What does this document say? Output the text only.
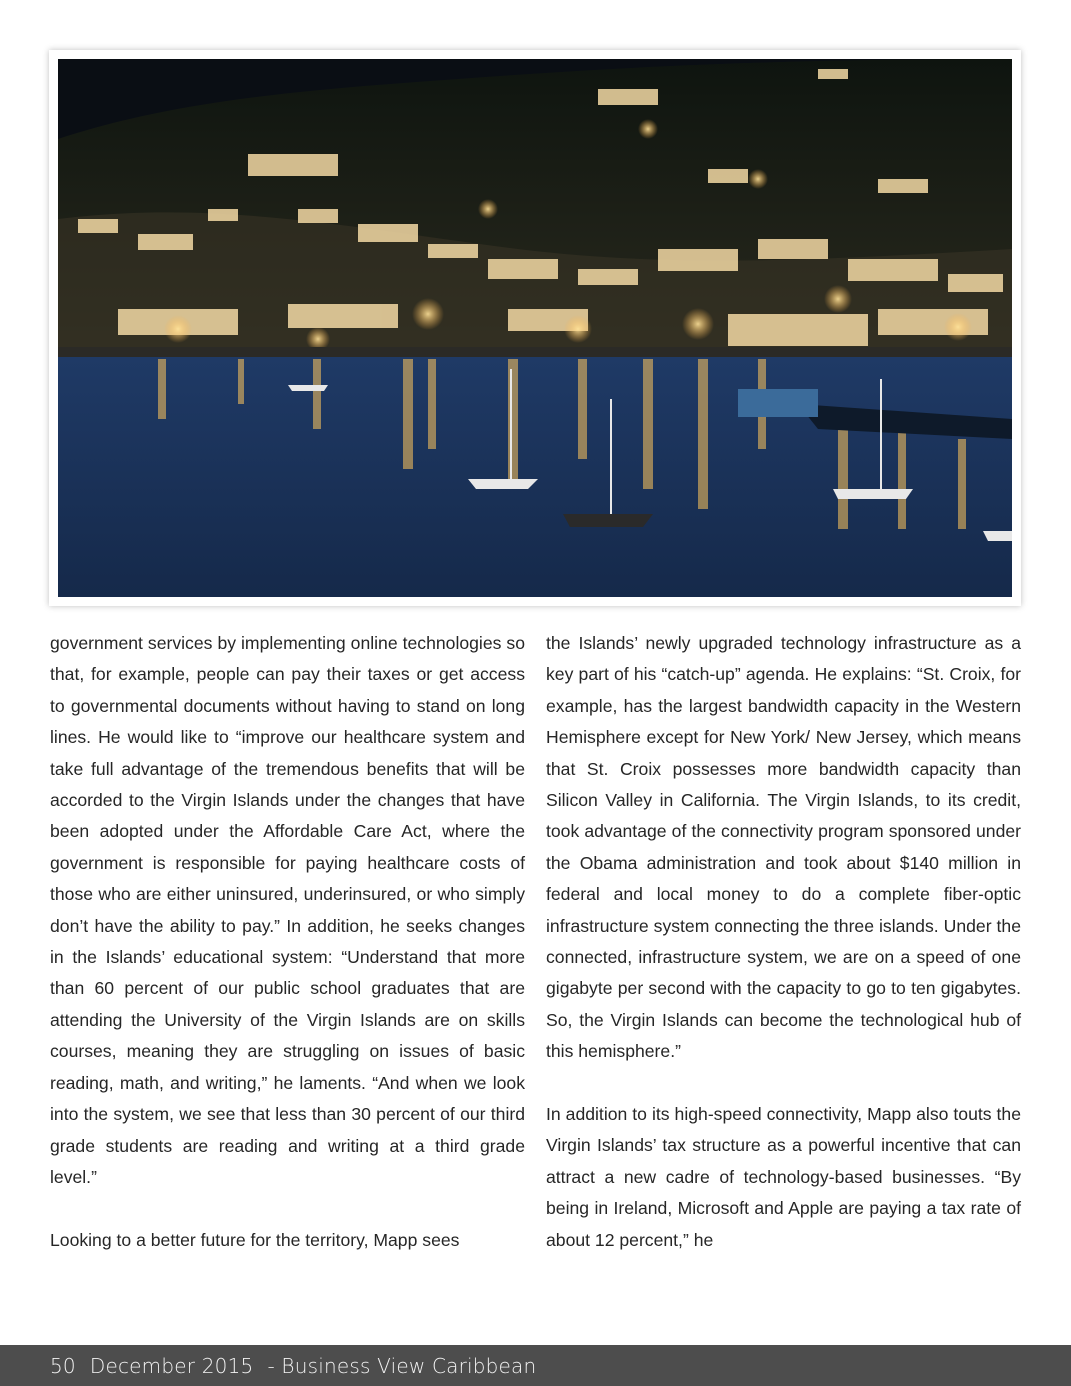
government services by implementing online technologies so that, for example, people can pay their taxes or get access to governmental documents without having to stand on long lines. He would like to “improve our healthcare system and take full advantage of the tremendous benefits that will be accorded to the Virgin Islands under the changes that have been adopted under the Affordable Care Act, where the government is responsible for paying healthcare costs of those who are either uninsured, underinsured, or who simply don’t have the ability to pay.” In addition, he seeks changes in the Islands’ educational system: “Understand that more than 60 percent of our public school graduates that are attending the University of the Virgin Islands are on skills courses, meaning they are struggling on issues of basic reading, math, and writing,” he laments. “And when we look into the system, we see that less than 30 percent of our third grade students are reading and writing at a third grade level.”

Looking to a better future for the territory, Mapp sees

the Islands’ newly upgraded technology infrastructure as a key part of his “catch-up” agenda. He explains: “St. Croix, for example, has the largest bandwidth capacity in the Western Hemisphere except for New York/ New Jersey, which means that St. Croix possesses more bandwidth capacity than Silicon Valley in California. The Virgin Islands, to its credit, took advantage of the connectivity program sponsored under the Obama administration and took about $140 million in federal and local money to do a complete fiber-optic infrastructure system connecting the three islands. Under the connected, infrastructure system, we are on a speed of one gigabyte per second with the capacity to go to ten gigabytes. So, the Virgin Islands can become the technological hub of this hemisphere.”

In addition to its high-speed connectivity, Mapp also touts the Virgin Islands’ tax structure as a powerful incentive that can attract a new cadre of technology-based businesses. “By being in Ireland, Microsoft and Apple are paying a tax rate of about 12 percent,” he

50 December 2015 - Business View Caribbean
